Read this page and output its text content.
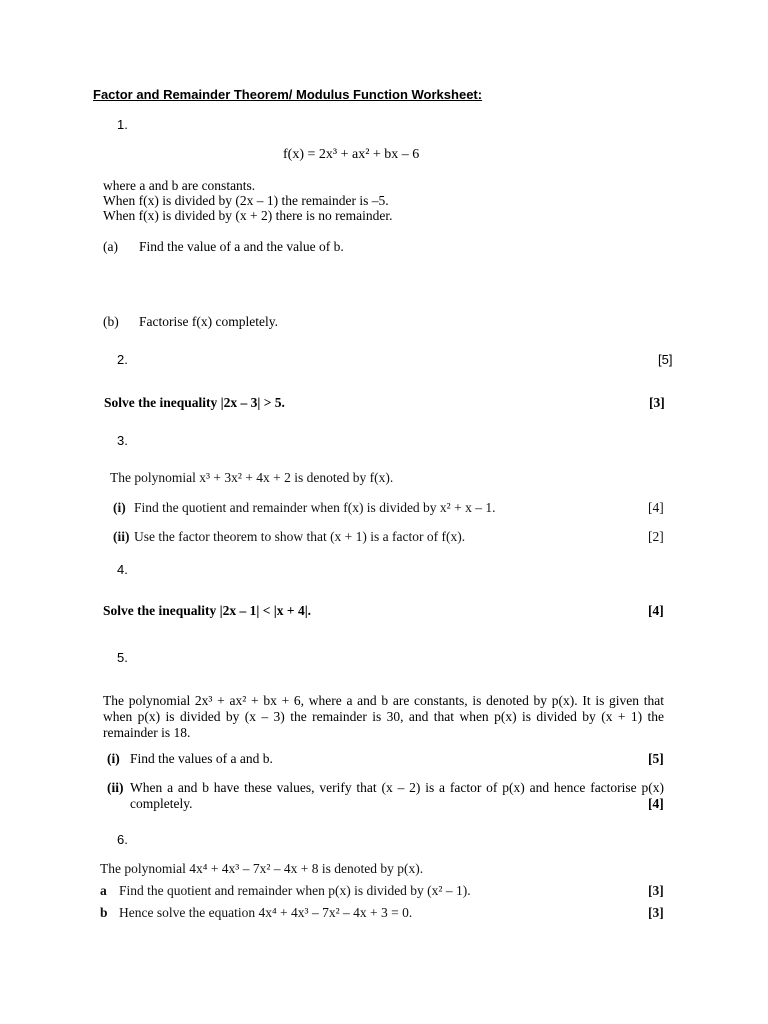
Factor and Remainder Theorem/ Modulus Function Worksheet:
1.
f(x) = 2x³ + ax² + bx – 6
where a and b are constants.
When f(x) is divided by (2x – 1) the remainder is –5.
When f(x) is divided by (x + 2) there is no remainder.
(a) Find the value of a and the value of b.
(b) Factorise f(x) completely.
2.	[5]
Solve the inequality |2x – 3| > 5.	[3]
3.
The polynomial x³ + 3x² + 4x + 2 is denoted by f(x).
(i) Find the quotient and remainder when f(x) is divided by x² + x – 1.	[4]
(ii) Use the factor theorem to show that (x + 1) is a factor of f(x).	[2]
4.
Solve the inequality |2x – 1| < |x + 4|.	[4]
5.
The polynomial 2x³ + ax² + bx + 6, where a and b are constants, is denoted by p(x). It is given that
when p(x) is divided by (x – 3) the remainder is 30, and that when p(x) is divided by (x + 1) the
remainder is 18.
(i) Find the values of a and b.	[5]
(ii) When a and b have these values, verify that (x – 2) is a factor of p(x) and hence factorise p(x)
completely.	[4]
6.
The polynomial 4x⁴ + 4x³ – 7x² – 4x + 8 is denoted by p(x).
a Find the quotient and remainder when p(x) is divided by (x² – 1).	[3]
b Hence solve the equation 4x⁴ + 4x³ – 7x² – 4x + 3 = 0.	[3]
